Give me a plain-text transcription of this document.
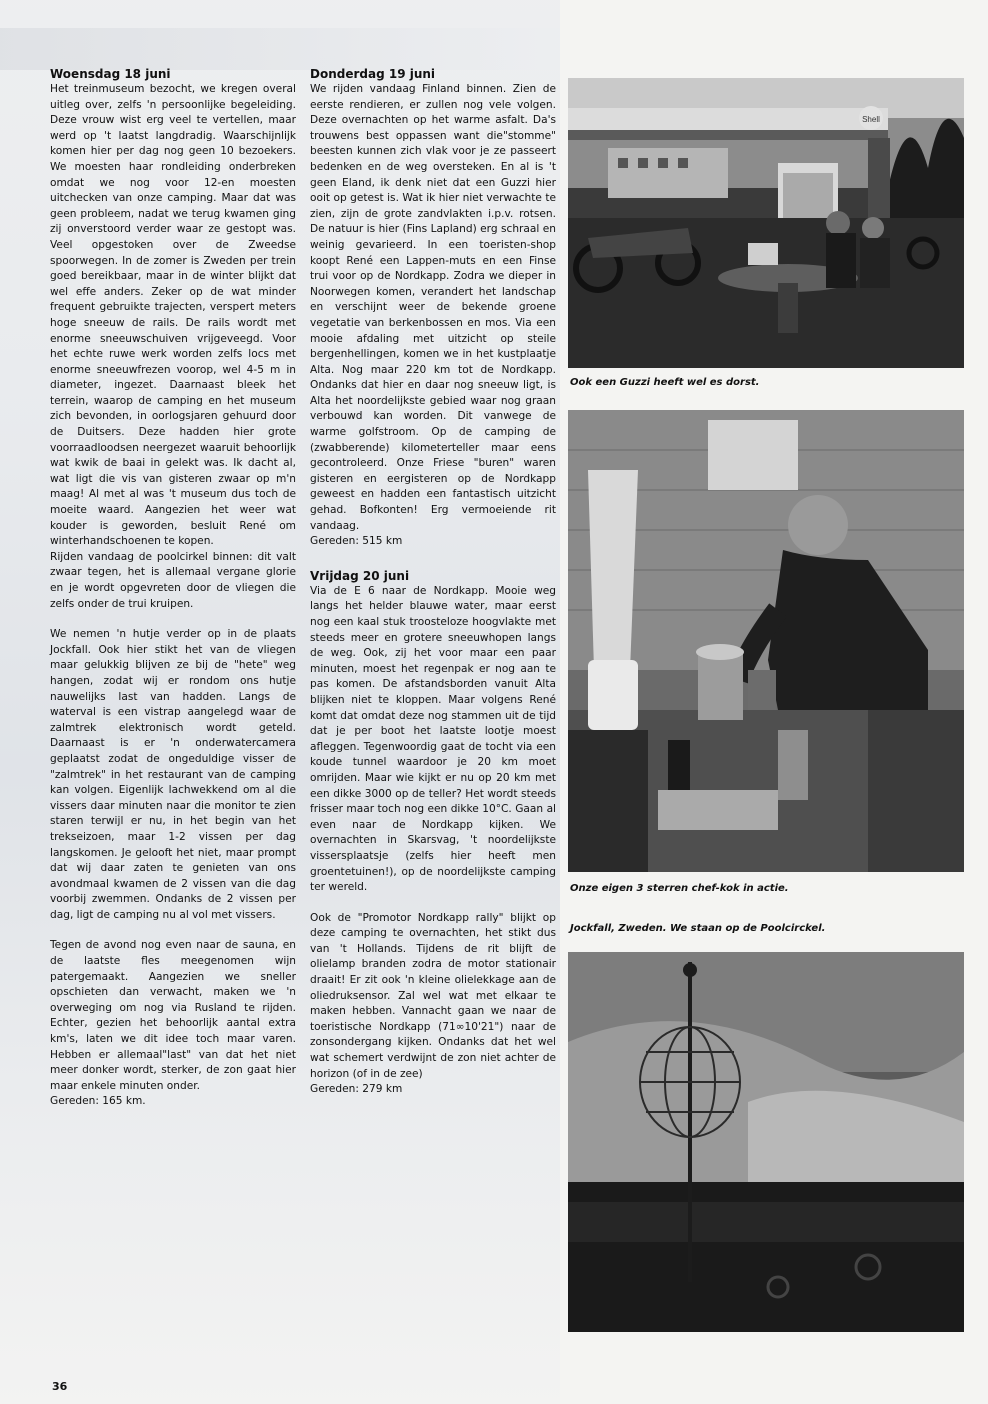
Woensdag 18 juni

Het treinmuseum bezocht, we kregen overal uitleg over, zelfs 'n persoonlijke begeleiding. Deze vrouw wist erg veel te vertellen, maar werd op 't laatst langdradig. Waarschijnlijk komen hier per dag nog geen 10 bezoekers. We moesten haar rondleiding onderbreken omdat we nog voor 12-en moesten uitchecken van onze camping. Maar dat was geen probleem, nadat we terug kwamen ging zij onverstoord verder waar ze gestopt was. Veel opgestoken over de Zweedse spoorwegen. In de zomer is Zweden per trein goed bereikbaar, maar in de winter blijkt dat wel effe anders. Zeker op de wat minder frequent gebruikte trajecten, verspert meters hoge sneeuw de rails. De rails wordt met enorme sneeuwschuiven vrijgeveegd. Voor het echte ruwe werk worden zelfs locs met enorme sneeuwfrezen voorop, wel 4-5 m in diameter, ingezet. Daarnaast bleek het terrein, waarop de camping en het museum zich bevonden, in oorlogsjaren gehuurd door de Duitsers. Deze hadden hier grote voorraadloodsen neergezet waaruit behoorlijk wat kwik de baai in gelekt was. Ik dacht al, wat ligt die vis van gisteren zwaar op m'n maag! Al met al was 't museum dus toch de moeite waard. Aangezien het weer wat kouder is geworden, besluit René om winterhandschoenen te kopen.

Rijden vandaag de poolcirkel binnen: dit valt zwaar tegen, het is allemaal vergane glorie en je wordt opgevreten door de vliegen die zelfs onder de trui kruipen.

We nemen 'n hutje verder op in de plaats Jockfall. Ook hier stikt het van de vliegen maar gelukkig blijven ze bij de "hete" weg hangen, zodat wij er rondom ons hutje nauwelijks last van hadden. Langs de waterval is een vistrap aangelegd waar de zalmtrek elektronisch wordt geteld. Daarnaast is er 'n onderwatercamera geplaatst zodat de ongeduldige visser de "zalmtrek" in het restaurant van de camping kan volgen. Eigenlijk lachwekkend om al die vissers daar minuten naar die monitor te zien staren terwijl er nu, in het begin van het trekseizoen, maar 1-2 vissen per dag langskomen. Je gelooft het niet, maar prompt dat wij daar zaten te genieten van ons avondmaal kwamen de 2 vissen van die dag voorbij zwemmen. Ondanks de 2 vissen per dag, ligt de camping nu al vol met vissers.

Tegen de avond nog even naar de sauna, en de laatste fles meegenomen wijn patergemaakt. Aangezien we sneller opschieten dan verwacht, maken we 'n overweging om nog via Rusland te rijden. Echter, gezien het behoorlijk aantal extra km's, laten we dit idee toch maar varen. Hebben er allemaal"last" van dat het niet meer donker wordt, sterker, de zon gaat hier maar enkele minuten onder.

Gereden: 165 km.

Donderdag 19 juni

We rijden vandaag Finland binnen. Zien de eerste rendieren, er zullen nog vele volgen. Deze overnachten op het warme asfalt. Da's trouwens best oppassen want die"stomme" beesten kunnen zich vlak voor je ze passeert bedenken en de weg oversteken. En al is 't geen Eland, ik denk niet dat een Guzzi hier ooit op getest is. Wat ik hier niet verwachte te zien, zijn de grote zandvlakten i.p.v. rotsen. De natuur is hier (Fins Lapland) erg schraal en weinig gevarieerd. In een toeristen-shop koopt René een Lappen-muts en een Finse trui voor op de Nordkapp. Zodra we dieper in Noorwegen komen, verandert het landschap en verschijnt weer de bekende groene vegetatie van berkenbossen en mos. Via een mooie afdaling met uitzicht op steile bergenhellingen, komen we in het kustplaatje Alta. Nog maar 220 km tot de Nordkapp. Ondanks dat hier en daar nog sneeuw ligt, is Alta het noordelijkste gebied waar nog graan verbouwd kan worden. Dit vanwege de warme golfstroom. Op de camping de (zwabberende) kilometerteller maar eens gecontroleerd. Onze Friese "buren" waren gisteren en eergisteren op de Nordkapp geweest en hadden een fantastisch uitzicht gehad. Bofkonten! Erg vermoeiende rit vandaag.

Gereden: 515 km

Vrijdag 20 juni

Via de E 6 naar de Nordkapp. Mooie weg langs het helder blauwe water, maar eerst nog een kaal stuk troosteloze hoogvlakte met steeds meer en grotere sneeuwhopen langs de weg. Ook, zij het voor maar een paar minuten, moest het regenpak er nog aan te pas komen. De afstandsborden vanuit Alta blijken niet te kloppen. Maar volgens René komt dat omdat deze nog stammen uit de tijd dat je per boot het laatste lootje moest afleggen. Tegenwoordig gaat de tocht via een koude tunnel waardoor je 20 km moet omrijden. Maar wie kijkt er nu op 20 km met een dikke 3000 op de teller? Het wordt steeds frisser maar toch nog een dikke 10°C. Gaan al even naar de Nordkapp kijken. We overnachten in Skarsvag, 't noordelijkste vissersplaatsje (zelfs hier heeft men groentetuinen!), op de noordelijkste camping ter wereld.

Ook de "Promotor Nordkapp rally" blijkt op deze camping te overnachten, het stikt dus van 't Hollands. Tijdens de rit blijft de olielamp branden zodra de motor stationair draait! Er zit ook 'n kleine olielekkage aan de oliedruksensor. Zal wel wat met elkaar te maken hebben. Vannacht gaan we naar de toeristische Nordkapp (71∞10'21") naar de zonsondergang kijken. Ondanks dat het wel wat schemert verdwijnt de zon niet achter de horizon (of in de zee)

Gereden: 279 km

Shell
Ook een Guzzi heeft wel es dorst.
Onze eigen 3 sterren chef-kok in actie.
Jockfall, Zweden. We staan op de Poolcirckel.
36
